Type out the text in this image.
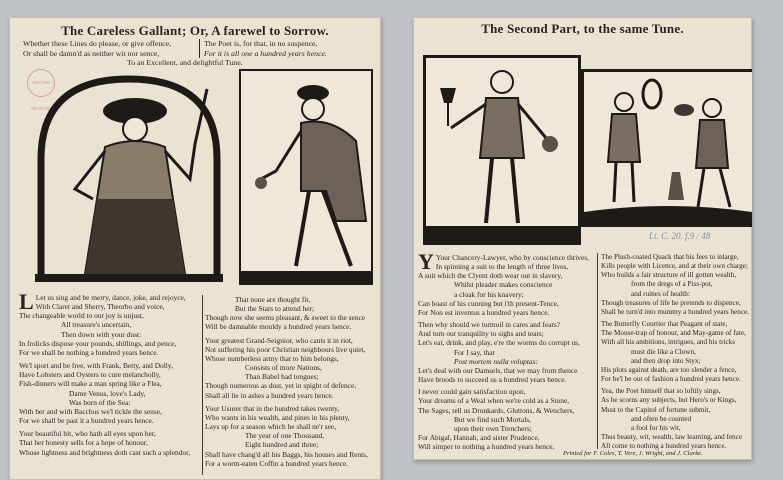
The Careless Gallant; Or, A farewel to Sorrow.
Whether these Lines do please, or give offence,
Or shall be damn'd as neither wit nor sence,
The Poet is, for that, in no suspence,
For it is all one a hundred years hence.
To an Excellent, and delightful Tune.
BRITISH MUSEUM
L Let us sing and be merry, dance, joke, and rejoyce,
With Claret and Sherry, Theorbo and voice,
The changeable world to our joy is unjust,
All treasure's uncertain,
Then down with your dust:
In frolicks dispose your pounds, shillings, and pence,
For we shall be nothing a hundred years hence.
We'l sport and be free, with Frank, Betty, and Dolly,
Have Lobsters and Oysters to cure melancholly,
Fish-dinners will make a man spring like a Flea,
Dame Venus, love's Lady,
Was born of the Sea:
With her and with Bacchus we'l tickle the sense,
For we shall be past it a hundred years hence.
Your beautiful bit, who hath all eyes upon her,
That her honesty sells for a hope of honour,
Whose lightness and brightness doth cast such a splendor,
That none are thought fit,
But the Stars to attend her;
Though now she seems pleasant, & sweet to the sence
Will be damnable mouldy a hundred years hence.
Your greatest Grand-Seignior, who cants it in riot,
Not suffering his poor Christian neighbours live quiet,
Whose numberless army that to him belongs,
Consists of more Nations,
Than Babel had tongues;
Though numerous as dust, yet in spight of defence,
Shall all lie in ashes a hundred years hence.
Your Usurer that in the hundred takes twenty,
Who wants in his wealth, and pines in his plenty,
Lays up for a season which he shall ne'r see,
The year of one Thousand,
Eight hundred and three;
Shall have chang'd all his Baggs, his houses and Rents,
For a worm-eaten Coffin a hundred years hence.
The Second Part, to the same Tune.
Lt. C. 20. f.9 / 48
Y Your Chancery-Lawyer, who by conscience thrives,
In spinning a suit to the length of three lives,
A suit which the Clyent doth wear out in slavery,
Whilst pleader makes conscience
a cloak for his knavery;
Can boast of his cunning but i'th present-Tence,
For Non est inventus a hundred years hence.
Then why should we turmoil in cares and fears?
And turn our tranquility to sighs and tears;
Let's eat, drink, and play, e're the worms do corrupt us,
For I say, that
Post mortem nulla voluptas:
Let's deal with our Damsels, that we may from thence
Have broods to succeed us a hundred years hence.
I never could gain satisfaction upon,
Your dreams of a Weal when we're cold as a Stone,
The Sages, tell us Drunkards, Gluttons, & Wenchers,
But we find such Mortals,
upon their own Trenchers;
For Abigal, Hannah, and sister Prudence,
Will simper to nothing a hundred years hence.
The Plush-coated Quack that his fees to inlarge,
Kills people with Licence, and at their own charge;
Who builds a fair structure of ill gotten wealth,
from the dregs of a Piss-pot,
and ruines of health:
Though treasures of life he pretends to dispence,
Shall be turn'd into mummy a hundred years hence.
The Butterfly Courtier that Peagant of state,
The Mouse-trap of honour, and May-game of fate,
With all his ambitions, intrigues, and his tricks
must die like a Clown,
and then drop into Styx;
His plots against death, are too slender a fence,
For he'l be out of fashion a hundred years hence.
Yea, the Poet himself that so loftily sings,
As he scorns any subjects, but Hero's or Kings,
Must to the Capitol of fortune submit,
and often be counted
a fool for his wit,
Thus beauty, wit, wealth, law learning, and fence
All come to nothing a hundred years hence.
Printed for F. Coles, T. Vere, J. Wright, and J. Clarke.
